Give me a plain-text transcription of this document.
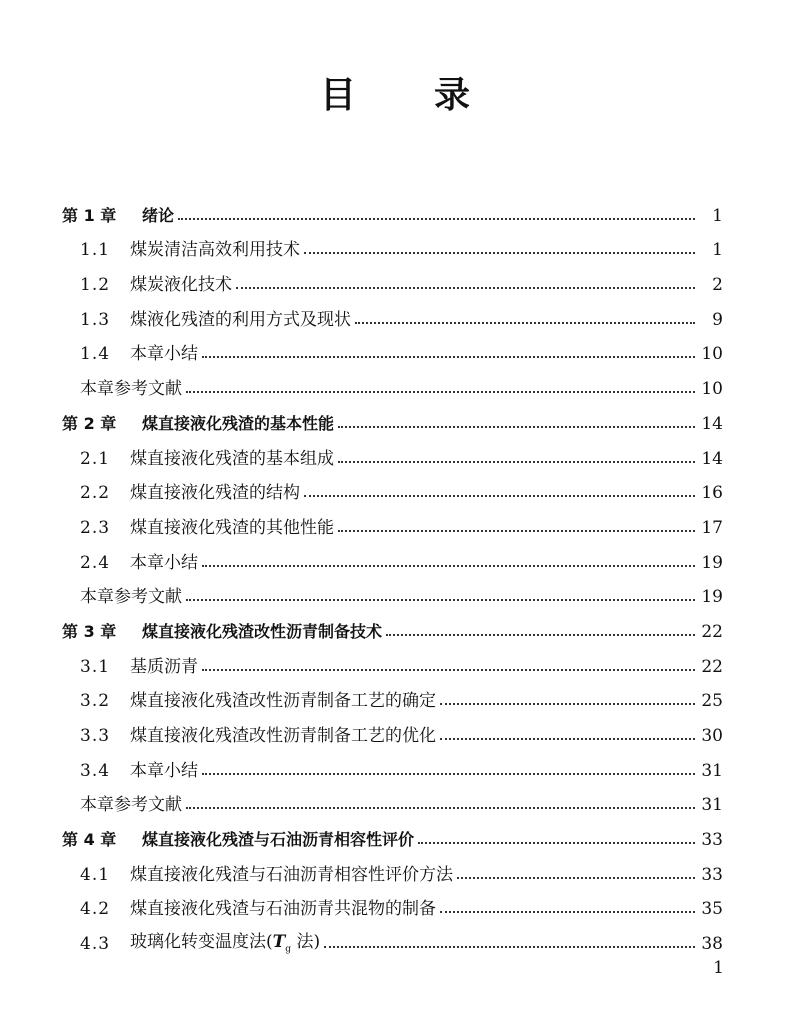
目 录
第 1 章	绪论	1
1.1	煤炭清洁高效利用技术	1
1.2	煤炭液化技术	2
1.3	煤液化残渣的利用方式及现状	9
1.4	本章小结	10
本章参考文献	10
第 2 章	煤直接液化残渣的基本性能	14
2.1	煤直接液化残渣的基本组成	14
2.2	煤直接液化残渣的结构	16
2.3	煤直接液化残渣的其他性能	17
2.4	本章小结	19
本章参考文献	19
第 3 章	煤直接液化残渣改性沥青制备技术	22
3.1	基质沥青	22
3.2	煤直接液化残渣改性沥青制备工艺的确定	25
3.3	煤直接液化残渣改性沥青制备工艺的优化	30
3.4	本章小结	31
本章参考文献	31
第 4 章	煤直接液化残渣与石油沥青相容性评价	33
4.1	煤直接液化残渣与石油沥青相容性评价方法	33
4.2	煤直接液化残渣与石油沥青共混物的制备	35
4.3	玻璃化转变温度法($T_g$ 法)	38
1
